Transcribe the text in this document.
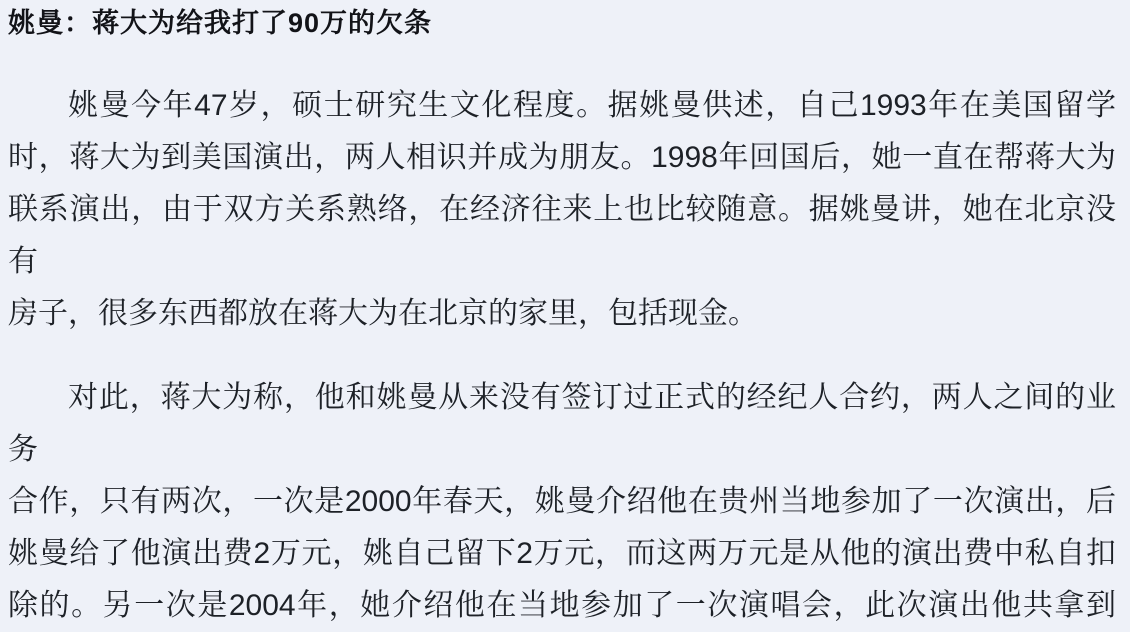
姚曼：蒋大为给我打了90万的欠条
姚曼今年47岁，硕士研究生文化程度。据姚曼供述，自己1993年在美国留学
时，蒋大为到美国演出，两人相识并成为朋友。1998年回国后，她一直在帮蒋大为
联系演出，由于双方关系熟络，在经济往来上也比较随意。据姚曼讲，她在北京没有
房子，很多东西都放在蒋大为在北京的家里，包括现金。
对此，蒋大为称，他和姚曼从来没有签订过正式的经纪人合约，两人之间的业务
合作，只有两次，一次是2000年春天，姚曼介绍他在贵州当地参加了一次演出，后
姚曼给了他演出费2万元，姚自己留下2万元，而这两万元是从他的演出费中私自扣
除的。另一次是2004年，她介绍他在当地参加了一次演唱会，此次演出他共拿到
